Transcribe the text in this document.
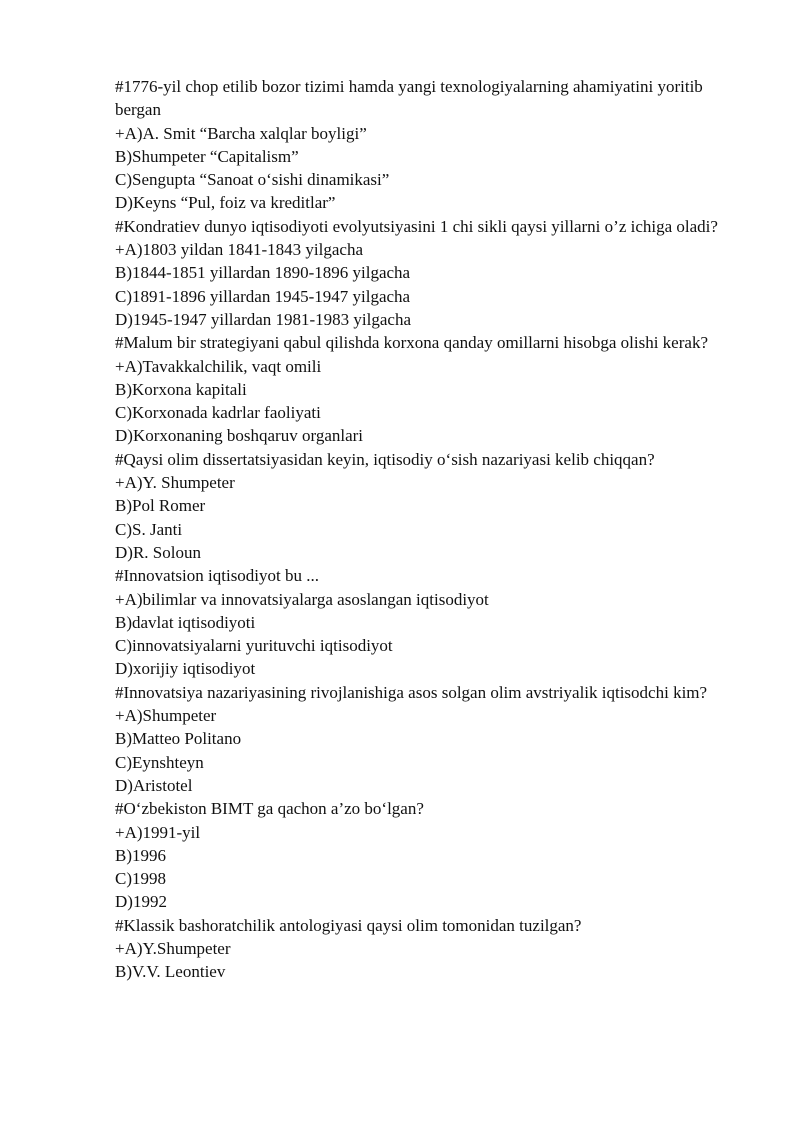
#1776-yil chop etilib bozor tizimi hamda yangi texnologiyalarning ahamiyatini yoritib bergan
+A)A. Smit “Barcha xalqlar boyligi”
B)Shumpeter “Capitalism”
C)Sengupta “Sanoat o‘sishi dinamikasi”
D)Keyns “Pul, foiz va kreditlar”
#Kondratiev dunyo iqtisodiyoti evolyutsiyasini 1 chi sikli qaysi yillarni o’z ichiga oladi?
+A)1803 yildan 1841-1843 yilgacha
B)1844-1851 yillardan 1890-1896 yilgacha
C)1891-1896 yillardan 1945-1947 yilgacha
D)1945-1947 yillardan 1981-1983 yilgacha
#Malum bir strategiyani qabul qilishda korxona qanday omillarni hisobga olishi kerak?
+A)Tavakkalchilik, vaqt omili
B)Korxona kapitali
C)Korxonada kadrlar faoliyati
D)Korxonaning boshqaruv organlari
#Qaysi olim dissertatsiyasidan keyin, iqtisodiy o‘sish nazariyasi kelib chiqqan?
+A)Y. Shumpeter
B)Pol Romer
C)S. Janti
D)R. Soloun
#Innovatsion iqtisodiyot bu ...
+A)bilimlar va innovatsiyalarga asoslangan iqtisodiyot
B)davlat iqtisodiyoti
C)innovatsiyalarni yurituvchi iqtisodiyot
D)xorijiy iqtisodiyot
#Innovatsiya nazariyasining rivojlanishiga asos solgan olim avstriyalik iqtisodchi kim?
+A)Shumpeter
B)Matteo Politano
C)Eynshteyn
D)Aristotel
#O‘zbekiston BIMT ga qachon a’zo bo‘lgan?
+A)1991-yil
B)1996
C)1998
D)1992
#Klassik bashoratchilik antologiyasi qaysi olim tomonidan tuzilgan?
+A)Y.Shumpeter
B)V.V. Leontiev
